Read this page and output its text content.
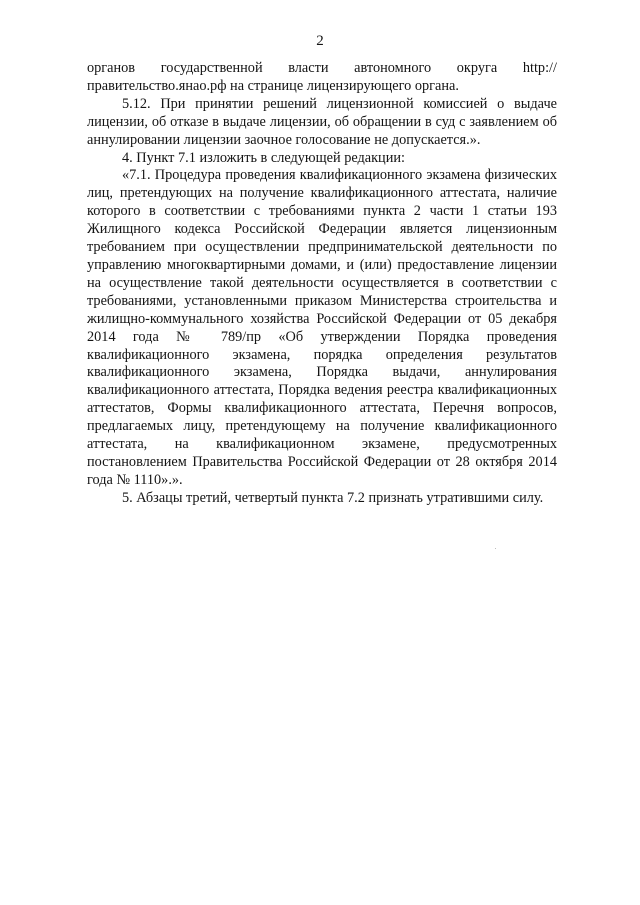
2

органов государственной власти автономного округа http://правительство.янао.рф на странице лицензирующего органа.

5.12. При принятии решений лицензионной комиссией о выдаче лицензии, об отказе в выдаче лицензии, об обращении в суд с заявлением об аннулировании лицензии заочное голосование не допускается.».

4. Пункт 7.1 изложить в следующей редакции:

«7.1. Процедура проведения квалификационного экзамена физических лиц, претендующих на получение квалификационного аттестата, наличие которого в соответствии с требованиями пункта 2 части 1 статьи 193 Жилищного кодекса Российской Федерации является лицензионным требованием при осуществлении предпринимательской деятельности по управлению многоквартирными домами, и (или) предоставление лицензии на осуществление такой деятельности осуществляется в соответствии с требованиями, установленными приказом Министерства строительства и жилищно-коммунального хозяйства Российской Федерации от 05 декабря 2014 года № 789/пр «Об утверждении Порядка проведения квалификационного экзамена, порядка определения результатов квалификационного экзамена, Порядка выдачи, аннулирования квалификационного аттестата, Порядка ведения реестра квалификационных аттестатов, Формы квалификационного аттестата, Перечня вопросов, предлагаемых лицу, претендующему на получение квалификационного аттестата, на квалификационном экзамене, предусмотренных постановлением Правительства Российской Федерации от 28 октября 2014 года № 1110».».

5. Абзацы третий, четвертый пункта 7.2 признать утратившими силу.
